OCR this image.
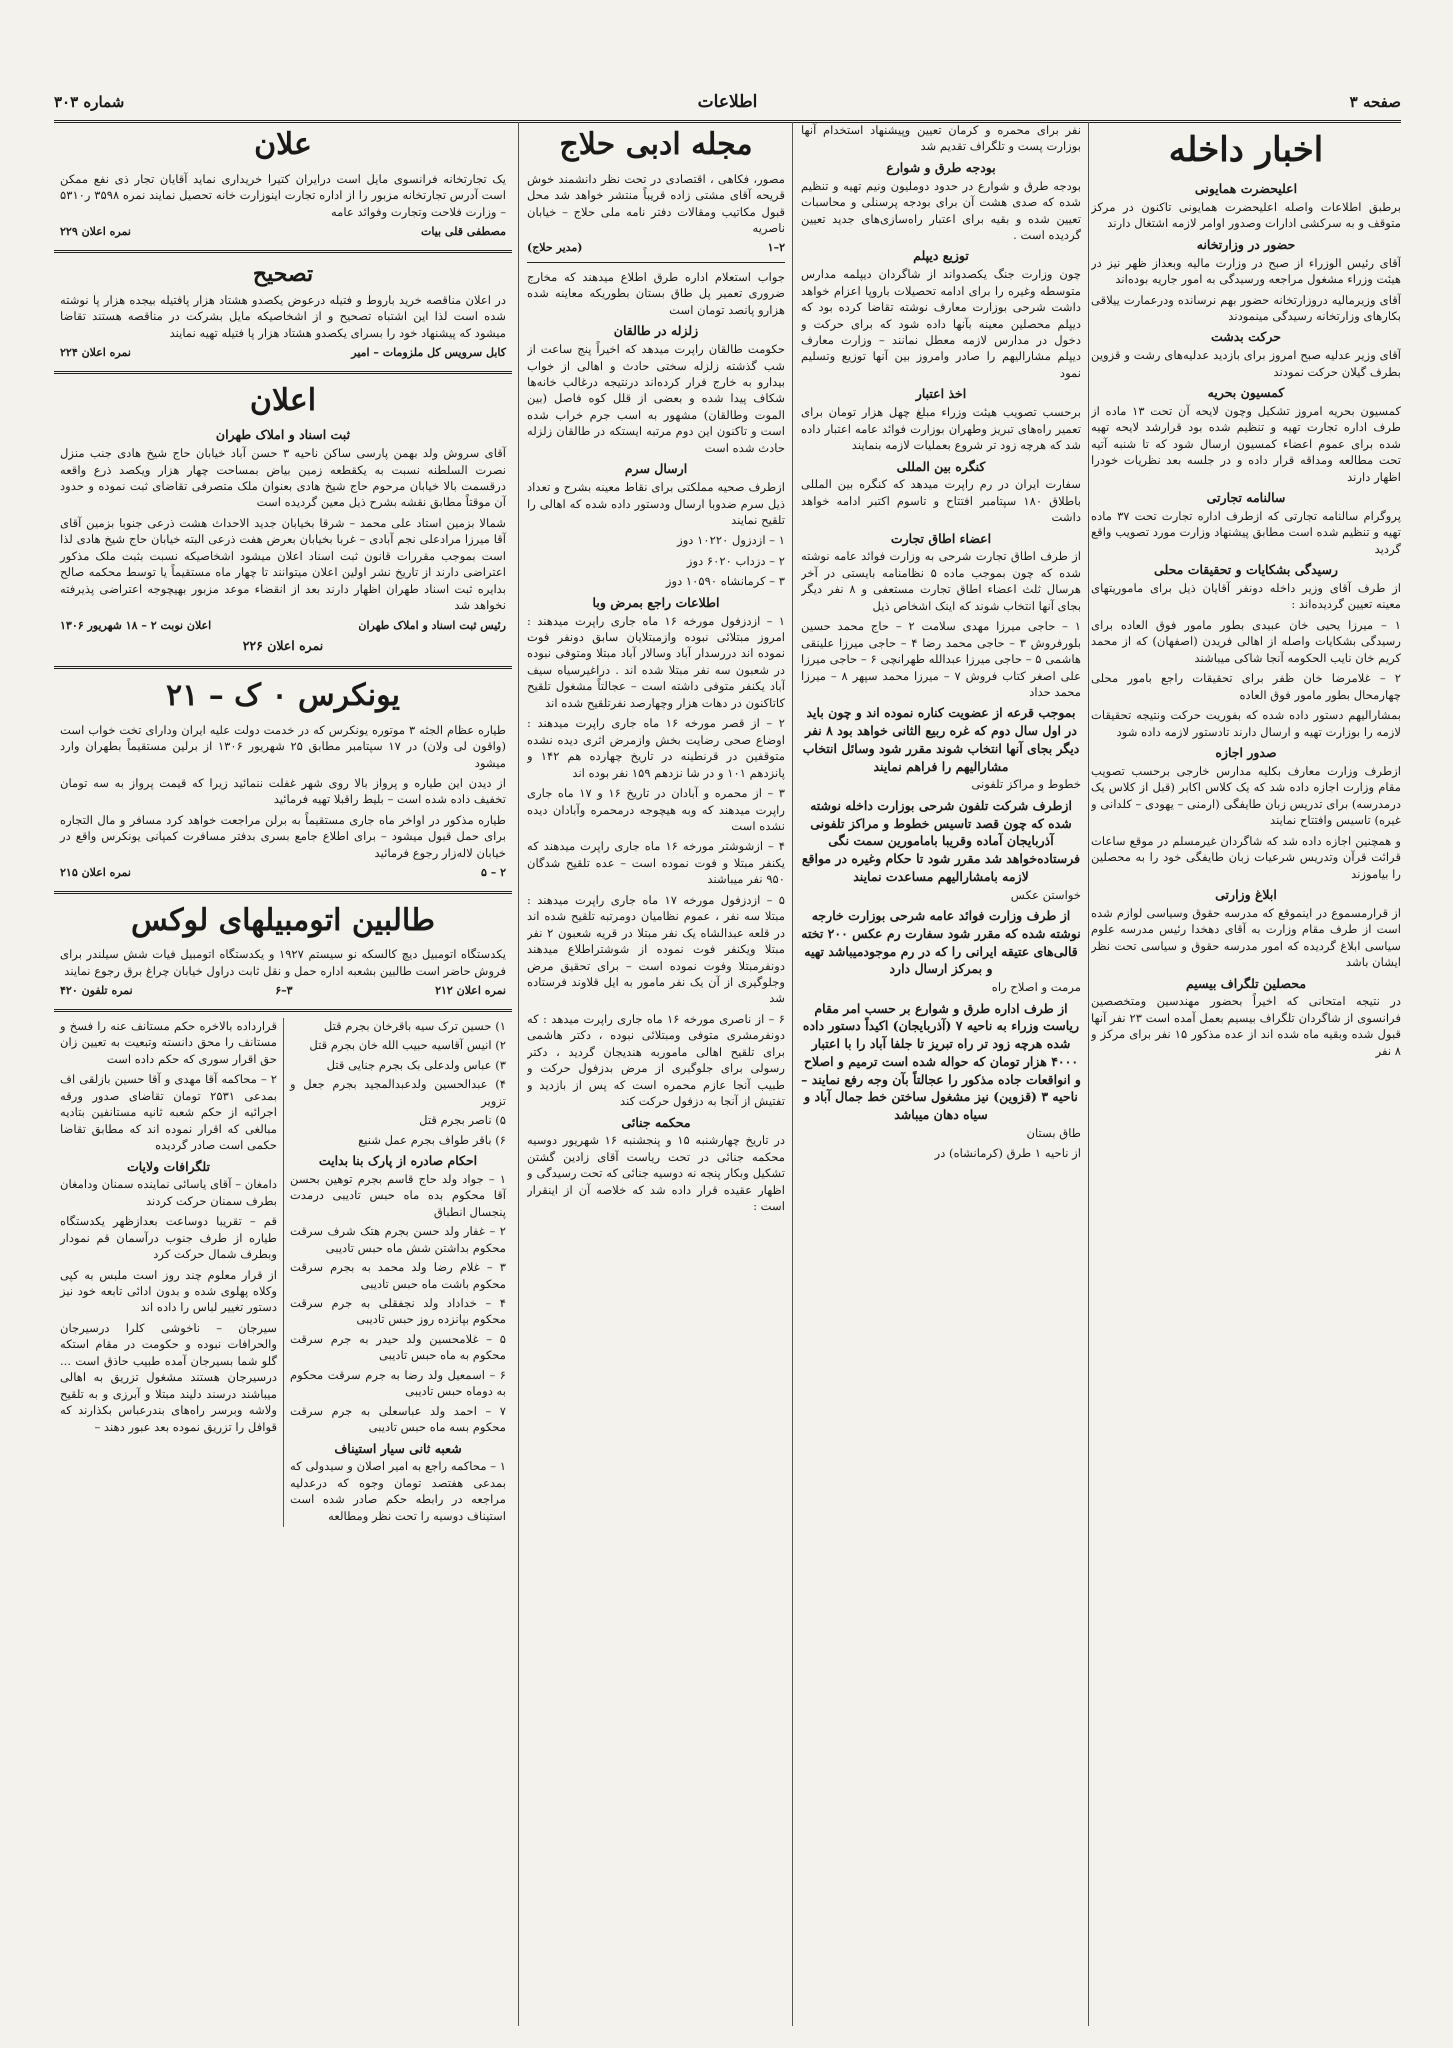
صفحه ۳
اطلاعات
شماره ۳۰۳
اخبار داخله
اعلیحضرت همایونی

برطبق اطلاعات واصله اعلیحضرت همایونی تاکنون در مرکز متوقف و به سرکشی ادارات وصدور اوامر لازمه اشتغال دارند

حضور در وزارتخانه

آقای رئیس الوزراء از صبح در وزارت مالیه وبعداز ظهر نیز در هیئت وزراء مشغول مراجعه ورسیدگی به امور جاریه بوده‌اند

آقای وزیرمالیه دروزارتخانه حضور بهم نرسانده ودرعمارت ییلاقی بکارهای وزارتخانه رسیدگی مینمودند

حرکت بدشت

آقای وزیر عدلیه صبح امروز برای بازدید عدلیه‌های رشت و قزوین بطرف گیلان حرکت نمودند

کمسیون بحریه

کمسیون بحریه امروز تشکیل وچون لایحه آن تحت ۱۳ ماده از طرف اداره تجارت تهیه و تنظیم شده بود قرارشد لایحه تهیه شده برای عموم اعضاء کمسیون ارسال شود که تا شنبه آتیه تحت مطالعه ومداقه قرار داده و در جلسه بعد نظریات خودرا اظهار دارند

سالنامه تجارتی

پروگرام سالنامه تجارتی که ازطرف اداره تجارت تحت ۳۷ ماده تهیه و تنظیم شده است مطابق پیشنهاد وزارت مورد تصویب واقع گردید

رسیدگی بشکایات و تحقیقات محلی

از طرف آقای وزیر داخله دونفر آقایان ذیل برای ماموریتهای معینه تعیین گردیده‌اند :

۱ – میرزا یحیی خان عبیدی بطور مامور فوق العاده برای رسیدگی بشکایات واصله از اهالی فریدن (اصفهان) که از محمد کریم خان نایب الحکومه آنجا شاکی میباشند

۲ – غلامرضا خان ظفر برای تحقیقات راجع بامور محلی چهارمحال بطور مامور فوق العاده

بمشارالیهم دستور داده شده که بفوریت حرکت ونتیجه تحقیقات لازمه را بوزارت تهیه و ارسال دارند تادستور لازمه داده شود

صدور اجازه

ازطرف وزارت معارف بکلیه مدارس خارجی برحسب تصویب مقام وزارت اجازه داده شد که یک کلاس اکابر (قبل از کلاس یک درمدرسه) برای تدریس زبان طایفگی (ارمنی – یهودی – کلدانی و غیره) تاسیس وافتتاح نمایند

و همچنین اجازه داده شد که شاگردان غیرمسلم در موقع ساعات قرائت قرآن وتدریس شرعیات زبان طایفگی خود را به محصلین را بیاموزند

ابلاغ وزارتی

از قرارمسموع در اینموقع که مدرسه حقوق وسیاسی لوازم شده است از طرف مقام وزارت به آقای دهخدا رئیس مدرسه علوم سیاسی ابلاغ گردیده که امور مدرسه حقوق و سیاسی تحت نظر ایشان باشد

محصلین تلگراف بیسیم

در نتیجه امتحانی که اخیراً بحضور مهندسین ومتخصصین فرانسوی از شاگردان تلگراف بیسیم بعمل آمده است ۲۳ نفر آنها قبول شده وبقیه ماه شده اند از عده مذکور ۱۵ نفر برای مرکز و ۸ نفر

نفر برای محمره و کرمان تعیین وپیشنهاد استخدام آنها بوزارت پست و تلگراف تقدیم شد

بودجه طرق و شوارع

بودجه طرق و شوارع در حدود دوملیون ونیم تهیه و تنظیم شده که صدی هشت آن برای بودجه پرسنلی و محاسبات تعیین شده و بقیه برای اعتبار راه‌سازی‌های جدید تعیین گردیده است .

توزیع دیپلم

چون وزارت جنگ یکصدو‌اند از شاگردان دیپلمه مدارس متوسطه وغیره را برای ادامه تحصیلات باروپا اعزام خواهد داشت شرحی بوزارت معارف نوشته تقاضا کرده بود که دیپلم محصلین معینه بآنها داده شود که برای حرکت و دخول در مدارس لازمه معطل نمانند – وزارت معارف دیپلم مشارالیهم را صادر وامروز بین آنها توزیع وتسلیم نمود

اخذ اعتبار

برحسب تصویب هیئت وزراء مبلغ چهل هزار تومان برای تعمیر راه‌های تبریز وطهران بوزارت فوائد عامه اعتبار داده شد که هرچه زود تر شروع بعملیات لازمه بنمایند

کنگره بین المللی

سفارت ایران در رم راپرت میدهد که کنگره بین المللی باطلاق ۱۸۰ سپتامبر افتتاح و تاسوم اکتبر ادامه خواهد داشت

اعضاء اطاق تجارت

از طرف اطاق تجارت شرحی به وزارت فوائد عامه نوشته شده که چون بموجب ماده ۵ نظامنامه بایستی در آخر هرسال ثلث اعضاء اطاق تجارت مستعفی و ۸ نفر دیگر بجای آنها انتخاب شوند که اینک اشخاص ذیل

۱ – حاجی میرزا مهدی سلامت ۲ – حاج محمد حسین بلورفروش ۳ – حاجی محمد رضا ۴ – حاجی میرزا علینقی هاشمی ۵ – حاجی میرزا عبدالله طهرانچی ۶ – حاجی میرزا علی اصغر کتاب فروش ۷ – میرزا محمد سپهر ۸ – میرزا محمد حداد

بموجب قرعه از عضویت کناره نموده اند و چون باید در اول سال دوم که غره ربیع الثانی خواهد بود ۸ نفر دیگر بجای آنها انتخاب شوند مقرر شود وسائل انتخاب مشارالیهم را فراهم نمایند

خطوط و مراکز تلفونی

ازطرف شرکت تلفون شرحی بوزارت داخله نوشته شده که چون قصد تاسیس خطوط و مراکز تلفونی آذربایجان آماده وقریبا بامامورین سمت نگی فرستاده‌خواهد شد مقرر شود تا حکام وغیره در مواقع لازمه بامشارالیهم مساعدت نمایند

خواستن عکس

از طرف وزارت فوائد عامه شرحی بوزارت خارجه نوشته شده که مقرر شود سفارت رم عکس ۲۰۰ تخته قالی‌های عتیقه ایرانی را که در رم موجودمیباشد تهیه و بمرکز ارسال دارد

مرمت و اصلاح راه

از طرف اداره طرق و شوارع بر حسب امر مقام ریاست وزراء به ناحیه ۷ (آذربایجان) اکیداً دستور داده شده هرچه زود تر راه تبریز تا جلفا آباد را با اعتبار ۴۰۰۰ هزار تومان که حواله شده است ترمیم و اصلاح و انواقعات جاده مذکور را عجالتاً بآن وجه رفع نمایند – ناحیه ۳ (قزوین) نیز مشغول ساختن خط جمال آباد و سیاه دهان میباشد

طاق بستان

از ناحیه ۱ طرق (کرمانشاه) در

مجله ادبی حلاج

مصور، فکاهی ، اقتصادی در تحت نظر دانشمند خوش قریحه آقای مشتی زاده قریباً منتشر خواهد شد محل قبول مکاتیب ومقالات دفتر نامه ملی حلاج – خیابان ناصریه

۲–۱
(مدیر حلاج)

جواب استعلام اداره طرق اطلاع میدهند که مخارج ضروری تعمیر پل طاق بستان بطوریکه معاینه شده هزارو پانصد تومان است

زلزله در طالقان

حکومت طالقان راپرت میدهد که اخیراً پنج ساعت از شب گذشته زلزله سختی حادث و اهالی از خواب بیدارو به خارج فرار کرده‌اند درنتیجه درغالب خانه‌ها شکاف پیدا شده و بعضی از قلل کوه فاصل (بین الموت وطالقان) مشهور به اسب جرم خراب شده است و تاکنون این دوم مرتبه ایستکه در طالقان زلزله حادث شده است

ارسال سرم

ازطرف صحیه مملکتی برای نقاط معینه بشرح و تعداد ذیل سرم ضدوبا ارسال ودستور داده شده که اهالی را تلقیح نمایند

۱ – ازدزول ۱۰۲۲۰ دوز

۲ – دزداب ۶۰۲۰ دوز

۳ – کرمانشاه ۱۰۵۹۰ دوز

اطلاعات راجع بمرض وبا

۱ – ازدزفول مورخه ۱۶ ماه جاری راپرت میدهند : امروز مبتلائی نبوده وازمبتلایان سابق دونفر فوت نموده اند دررسدار آباد وسالار آباد مبتلا ومتوفی نبوده در شعبون سه نفر مبتلا شده اند . دراغیرسیاه سیف آباد یکنفر متوفی داشته است – عجالتاً مشغول تلقیح کاتاکنون در دهات هزار وچهارصد نفرتلقیح شده اند

۲ – از قصر مورخه ۱۶ ماه جاری راپرت میدهند : اوضاع صحی رضایت بخش وازمرض اثری دیده نشده متوقفین در قرنطینه در تاریخ چهارده هم ۱۴۲ و پانزدهم ۱۰۱ و در شا نزدهم ۱۵۹ نفر بوده اند

۳ – از محمره و آبادان در تاریخ ۱۶ و ۱۷ ماه جاری راپرت میدهند که وبه هیچوجه درمحمره وآبادان دیده نشده است

۴ – ازشوشتر مورخه ۱۶ ماه جاری راپرت میدهند که یکنفر مبتلا و فوت نموده است – عده تلقیح شدگان ۹۵۰ نفر میباشند

۵ – ازدزفول مورخه ۱۷ ماه جاری راپرت میدهند : مبتلا سه نفر ، عموم نظامیان دومرتبه تلقیح شده اند در قلعه عبدالشاه یک نفر مبتلا در قریه شعبون ۲ نفر مبتلا ویکنفر فوت نموده از شوشتراطلاع میدهند دونفرمبتلا وفوت نموده است – برای تحقیق مرض وجلوگیری از آن یک نفر مامور به ایل قلاوند فرستاده شد

۶ – از ناصری مورخه ۱۶ ماه جاری راپرت میدهد : که دونفرمشری متوفی ومبتلائی نبوده ، دکتر هاشمی برای تلقیح اهالی ماموربه هندیجان گردید ، دکتر رسولی برای جلوگیری از مرض بدزفول حرکت و طبیب آنجا عازم محمره است که پس از بازدید و تفتیش از آنجا به دزفول حرکت کند

محکمه جنائی

در تاریخ چهارشنبه ۱۵ و پنجشنبه ۱۶ شهریور دوسیه محکمه جنائی در تحت ریاست آقای زادین گشتن تشکیل وبکار پنجه نه دوسیه جنائی که تحت رسیدگی و اظهار عقیده قرار داده شد که خلاصه آن از اینقرار است :

علان

یک تجارتخانه فرانسوی مایل است درایران کتیرا خریداری نماید آقایان تجار ذی نفع ممکن است آدرس تجارتخانه مزبور را از اداره تجارت اینوزارت خانه تحصیل نمایند نمره ۳۵۹۸ ر۵۳۱۰ – وزارت فلاحت وتجارت وفوائد عامه

مصطفی قلی بیات
نمره اعلان ۲۲۹
تصحیح

در اعلان مناقصه خرید باروط و فتیله درعوض یکصدو هشتاد هزار پافتیله بیجده هزار پا نوشته شده است لذا این اشتباه تصحیح و از اشخاصیکه مایل بشرکت در مناقصه هستند تقاضا میشود که پیشنهاد خود را بسرای یکصدو هشتاد هزار پا فتیله تهیه نمایند

کابل سرویس کل ملزومات – امیر
نمره اعلان ۲۲۴
اعلان
ثبت اسناد و املاک طهران

آقای سروش ولد بهمن پارسی ساکن ناحیه ۳ حسن آباد خیابان حاج شیخ هادی جنب منزل نصرت السلطنه نسبت به یکقطعه زمین بیاض بمساحت چهار هزار ویکصد ذرع واقعه درقسمت بالا خیابان مرحوم حاج شیخ هادی بعنوان ملک متصرفی تقاضای ثبت نموده و حدود آن موقتاً مطابق نقشه بشرح ذیل معین گردیده است

شمالا بزمین استاد علی محمد – شرقا بخیابان جدید الاحداث هشت ذرعی جنوبا بزمین آقای آقا میرزا مرادعلی نجم آبادی – غربا بخیابان بعرض هفت ذرعی البته خیابان حاج شیخ هادی لذا است بموجب مقررات قانون ثبت اسناد اعلان میشود اشخاصیکه نسبت بثبت ملک مذکور اعتراضی دارند از تاریخ نشر اولین اعلان میتوانند تا چهار ماه مستقیماً یا توسط محکمه صالح بدایره ثبت اسناد طهران اظهار دارند بعد از انقضاء موعد مزبور بهیچوجه اعتراضی پذیرفته نخواهد شد

رئیس ثبت اسناد و املاک طهران
اعلان نوبت ۲ – ۱۸ شهریور ۱۳۰۶
نمره اعلان ۲۲۶
یونکرس ۰ ک – ۲۱

طیاره عظام الجثه ۳ موتوره یونکرس که در خدمت دولت علیه ایران ودارای تخت خواب است (واقون لی ولان) در ۱۷ سپتامبر مطابق ۲۵ شهریور ۱۳۰۶ از برلین مستقیماً بطهران وارد میشود

از دیدن این طیاره و پرواز بالا روی شهر غفلت ننمائید زیرا که قیمت پرواز به سه تومان تخفیف داده شده است – بلیط راقبلا تهیه فرمائید

طیاره مذکور در اواخر ماه جاری مستقیماً به برلن مراجعت خواهد کرد مسافر و مال التجاره برای حمل قبول میشود – برای اطلاع جامع بسری بدفتر مسافرت کمپانی یونکرس واقع در خیابان لاله‌زار رجوع فرمائید

۲ – ۵
نمره اعلان ۲۱۵
طالبین اتومبیلهای لوکس

یکدستگاه اتومبیل دیچ کالسکه نو سیستم ۱۹۲۷ و یکدستگاه اتومبیل فیات شش سیلندر برای فروش حاضر است طالبین بشعبه اداره حمل و نقل ثابت دراول خیابان چراغ برق رجوع نمایند

نمره اعلان ۲۱۲
۳–۶
نمره تلفون ۴۲۰

۱) حسین ترک سیه باقرخان بجرم قتل

۲) انیس آقاسیه حبیب الله خان بجرم قتل

۳) عباس ولدعلی بک بجرم جنایی قتل

۴) عبدالحسین ولدعبدالمجید بجرم جعل و تزویر

۵) ناصر بجرم قتل

۶) باقر طواف بجرم عمل شنیع

احکام صادره از پارک بنا بدایت

۱ – جواد ولد حاج قاسم بجرم توهین بحسن آقا محکوم بده ماه حبس تادیبی درمدت پنجسال انطباق

۲ – غفار ولد حسن بجرم هتک شرف سرقت محکوم بداشتن شش ماه حبس تادیبی

۳ – غلام رضا ولد محمد به بجرم سرقت محکوم باشت ماه حبس تادیبی

۴ – خداداد ولد نجفقلی به جرم سرقت محکوم بپانزده روز حبس تادیبی

۵ – غلامحسین ولد حیدر به جرم سرقت محکوم به ماه حبس تادیبی

۶ – اسمعیل ولد رضا به جرم سرقت محکوم به دوماه حبس تادیبی

۷ – احمد ولد عباسعلی به جرم سرقت محکوم بسه ماه حبس تادیبی

شعبه ثانی سیار استیناف

۱ – محاکمه راجع به امیر اصلان و سیدولی که بمدعی هفتصد تومان وجوه که درعدلیه مراجعه در رابطه حکم صادر شده است استیناف دوسیه را تحت نظر ومطالعه

قرارداده بالاخره حکم مستانف عنه را فسخ و مستانف را محق دانسته وتبعیت به تعیین زان حق اقرار سوری که حکم داده است

۲ – محاکمه آقا مهدی و آقا حسین بازلقی اف بمدعی ۲۵۳۱ تومان تقاضای صدور ورقه اجرائیه از حکم شعبه ثانیه مستانفین بتادیه مبالغی که اقرار نموده اند که مطابق تقاضا حکمی است صادر گردیده

تلگرافات ولایات

دامغان – آقای یاسائی نماینده سمنان ودامغان بطرف سمنان حرکت کردند

قم – تقریبا دوساعت بعدازظهر یکدستگاه طیاره از طرف جنوب درآسمان قم نمودار وبطرف شمال حرکت کرد

از قرار معلوم چند روز است ملبس به کپی وکلاه پهلوی شده و بدون ادائی تابعه خود نیز دستور تغییر لباس را داده اند

سیرجان – ناخوشی کلرا درسیرجان والحرافات نبوده و حکومت در مقام استکه گلو شما بسیرجان آمده طبیب حاذق است ... درسیرجان هستند مشغول تزریق به اهالی میباشند درسند دلیند مبتلا و آبرزی و به تلقیح ولاشه وبرسر راه‌های بندرعباس بکذارند که قوافل را تزریق نموده بعد عبور دهند –
